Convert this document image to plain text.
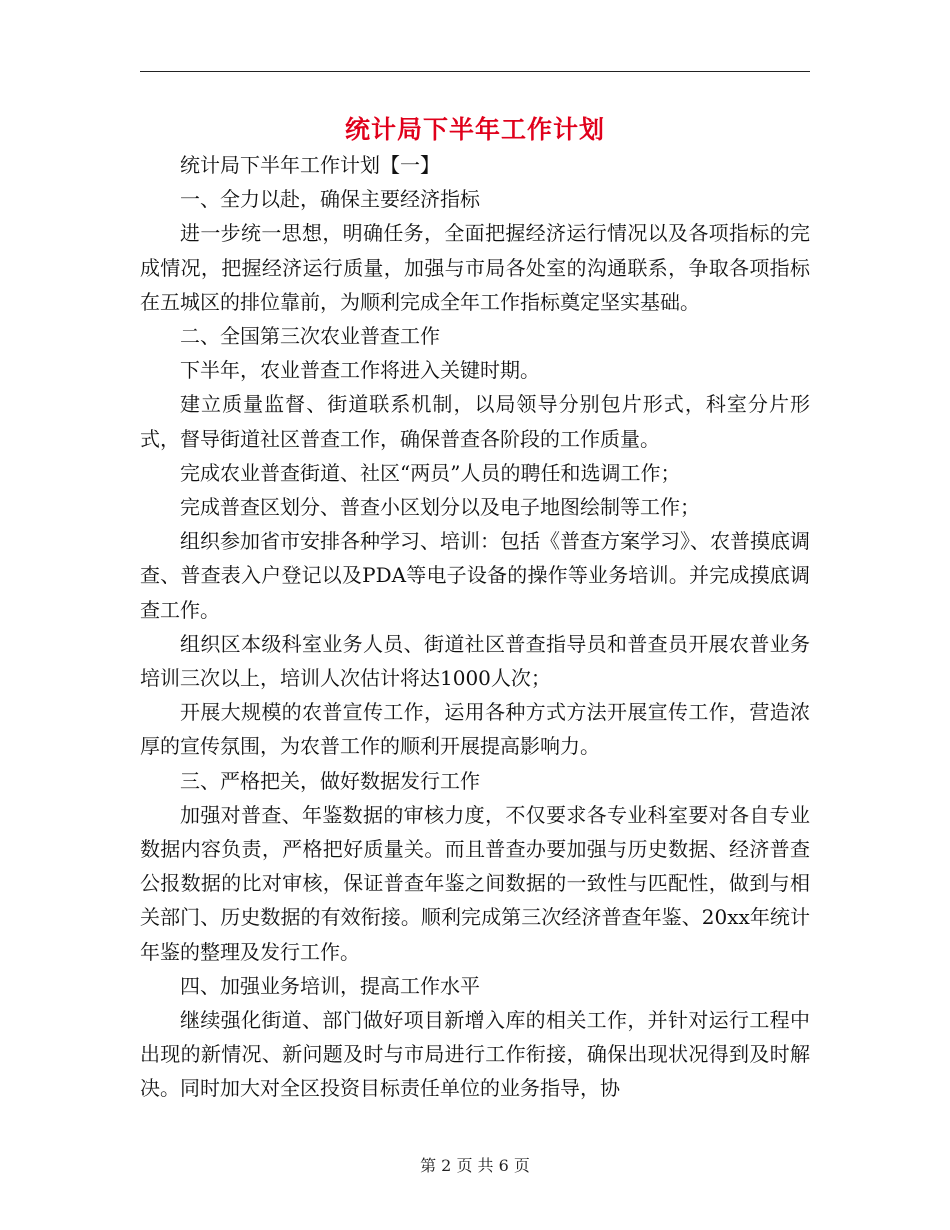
统计局下半年工作计划

统计局下半年工作计划【一】

一、全力以赴，确保主要经济指标

进一步统一思想，明确任务，全面把握经济运行情况以及各项指标的完成情况，把握经济运行质量，加强与市局各处室的沟通联系，争取各项指标在五城区的排位靠前，为顺利完成全年工作指标奠定坚实基础。

二、全国第三次农业普查工作

下半年，农业普查工作将进入关键时期。

建立质量监督、街道联系机制，以局领导分别包片形式，科室分片形式，督导街道社区普查工作，确保普查各阶段的工作质量。

完成农业普查街道、社区“两员”人员的聘任和选调工作；

完成普查区划分、普查小区划分以及电子地图绘制等工作；

组织参加省市安排各种学习、培训：包括《普查方案学习》、农普摸底调查、普查表入户登记以及PDA等电子设备的操作等业务培训。并完成摸底调查工作。

组织区本级科室业务人员、街道社区普查指导员和普查员开展农普业务培训三次以上，培训人次估计将达1000人次；

开展大规模的农普宣传工作，运用各种方式方法开展宣传工作，营造浓厚的宣传氛围，为农普工作的顺利开展提高影响力。

三、严格把关，做好数据发行工作

加强对普查、年鉴数据的审核力度，不仅要求各专业科室要对各自专业数据内容负责，严格把好质量关。而且普查办要加强与历史数据、经济普查公报数据的比对审核，保证普查年鉴之间数据的一致性与匹配性，做到与相关部门、历史数据的有效衔接。顺利完成第三次经济普查年鉴、20xx年统计年鉴的整理及发行工作。

四、加强业务培训，提高工作水平

继续强化街道、部门做好项目新增入库的相关工作，并针对运行工程中出现的新情况、新问题及时与市局进行工作衔接，确保出现状况得到及时解决。同时加大对全区投资目标责任单位的业务指导，协

第 2 页 共 6 页
